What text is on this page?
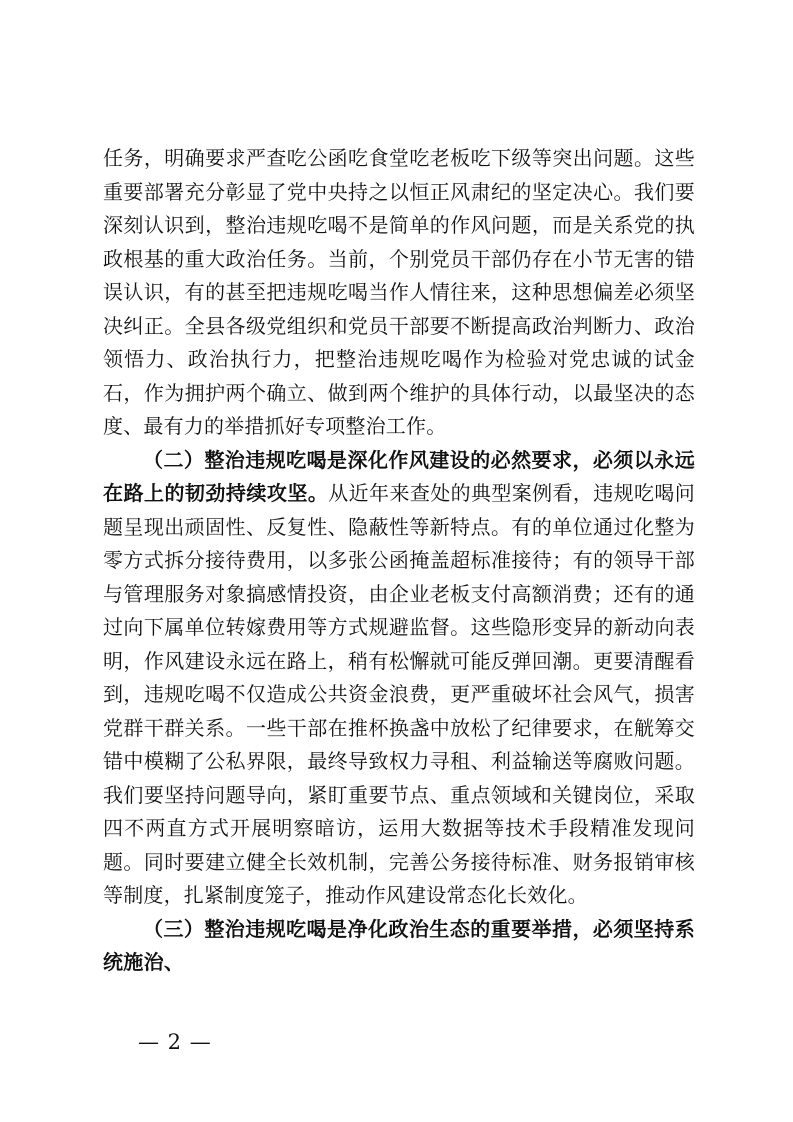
任务，明确要求严查吃公函吃食堂吃老板吃下级等突出问题。这些重要部署充分彰显了党中央持之以恒正风肃纪的坚定决心。我们要深刻认识到，整治违规吃喝不是简单的作风问题，而是关系党的执政根基的重大政治任务。当前，个别党员干部仍存在小节无害的错误认识，有的甚至把违规吃喝当作人情往来，这种思想偏差必须坚决纠正。全县各级党组织和党员干部要不断提高政治判断力、政治领悟力、政治执行力，把整治违规吃喝作为检验对党忠诚的试金石，作为拥护两个确立、做到两个维护的具体行动，以最坚决的态度、最有力的举措抓好专项整治工作。

（二）整治违规吃喝是深化作风建设的必然要求，必须以永远在路上的韧劲持续攻坚。从近年来查处的典型案例看，违规吃喝问题呈现出顽固性、反复性、隐蔽性等新特点。有的单位通过化整为零方式拆分接待费用，以多张公函掩盖超标准接待；有的领导干部与管理服务对象搞感情投资，由企业老板支付高额消费；还有的通过向下属单位转嫁费用等方式规避监督。这些隐形变异的新动向表明，作风建设永远在路上，稍有松懈就可能反弹回潮。更要清醒看到，违规吃喝不仅造成公共资金浪费，更严重破坏社会风气，损害党群干群关系。一些干部在推杯换盏中放松了纪律要求，在觥筹交错中模糊了公私界限，最终导致权力寻租、利益输送等腐败问题。我们要坚持问题导向，紧盯重要节点、重点领域和关键岗位，采取四不两直方式开展明察暗访，运用大数据等技术手段精准发现问题。同时要建立健全长效机制，完善公务接待标准、财务报销审核等制度，扎紧制度笼子，推动作风建设常态化长效化。

（三）整治违规吃喝是净化政治生态的重要举措，必须坚持系统施治、

— 2 —
